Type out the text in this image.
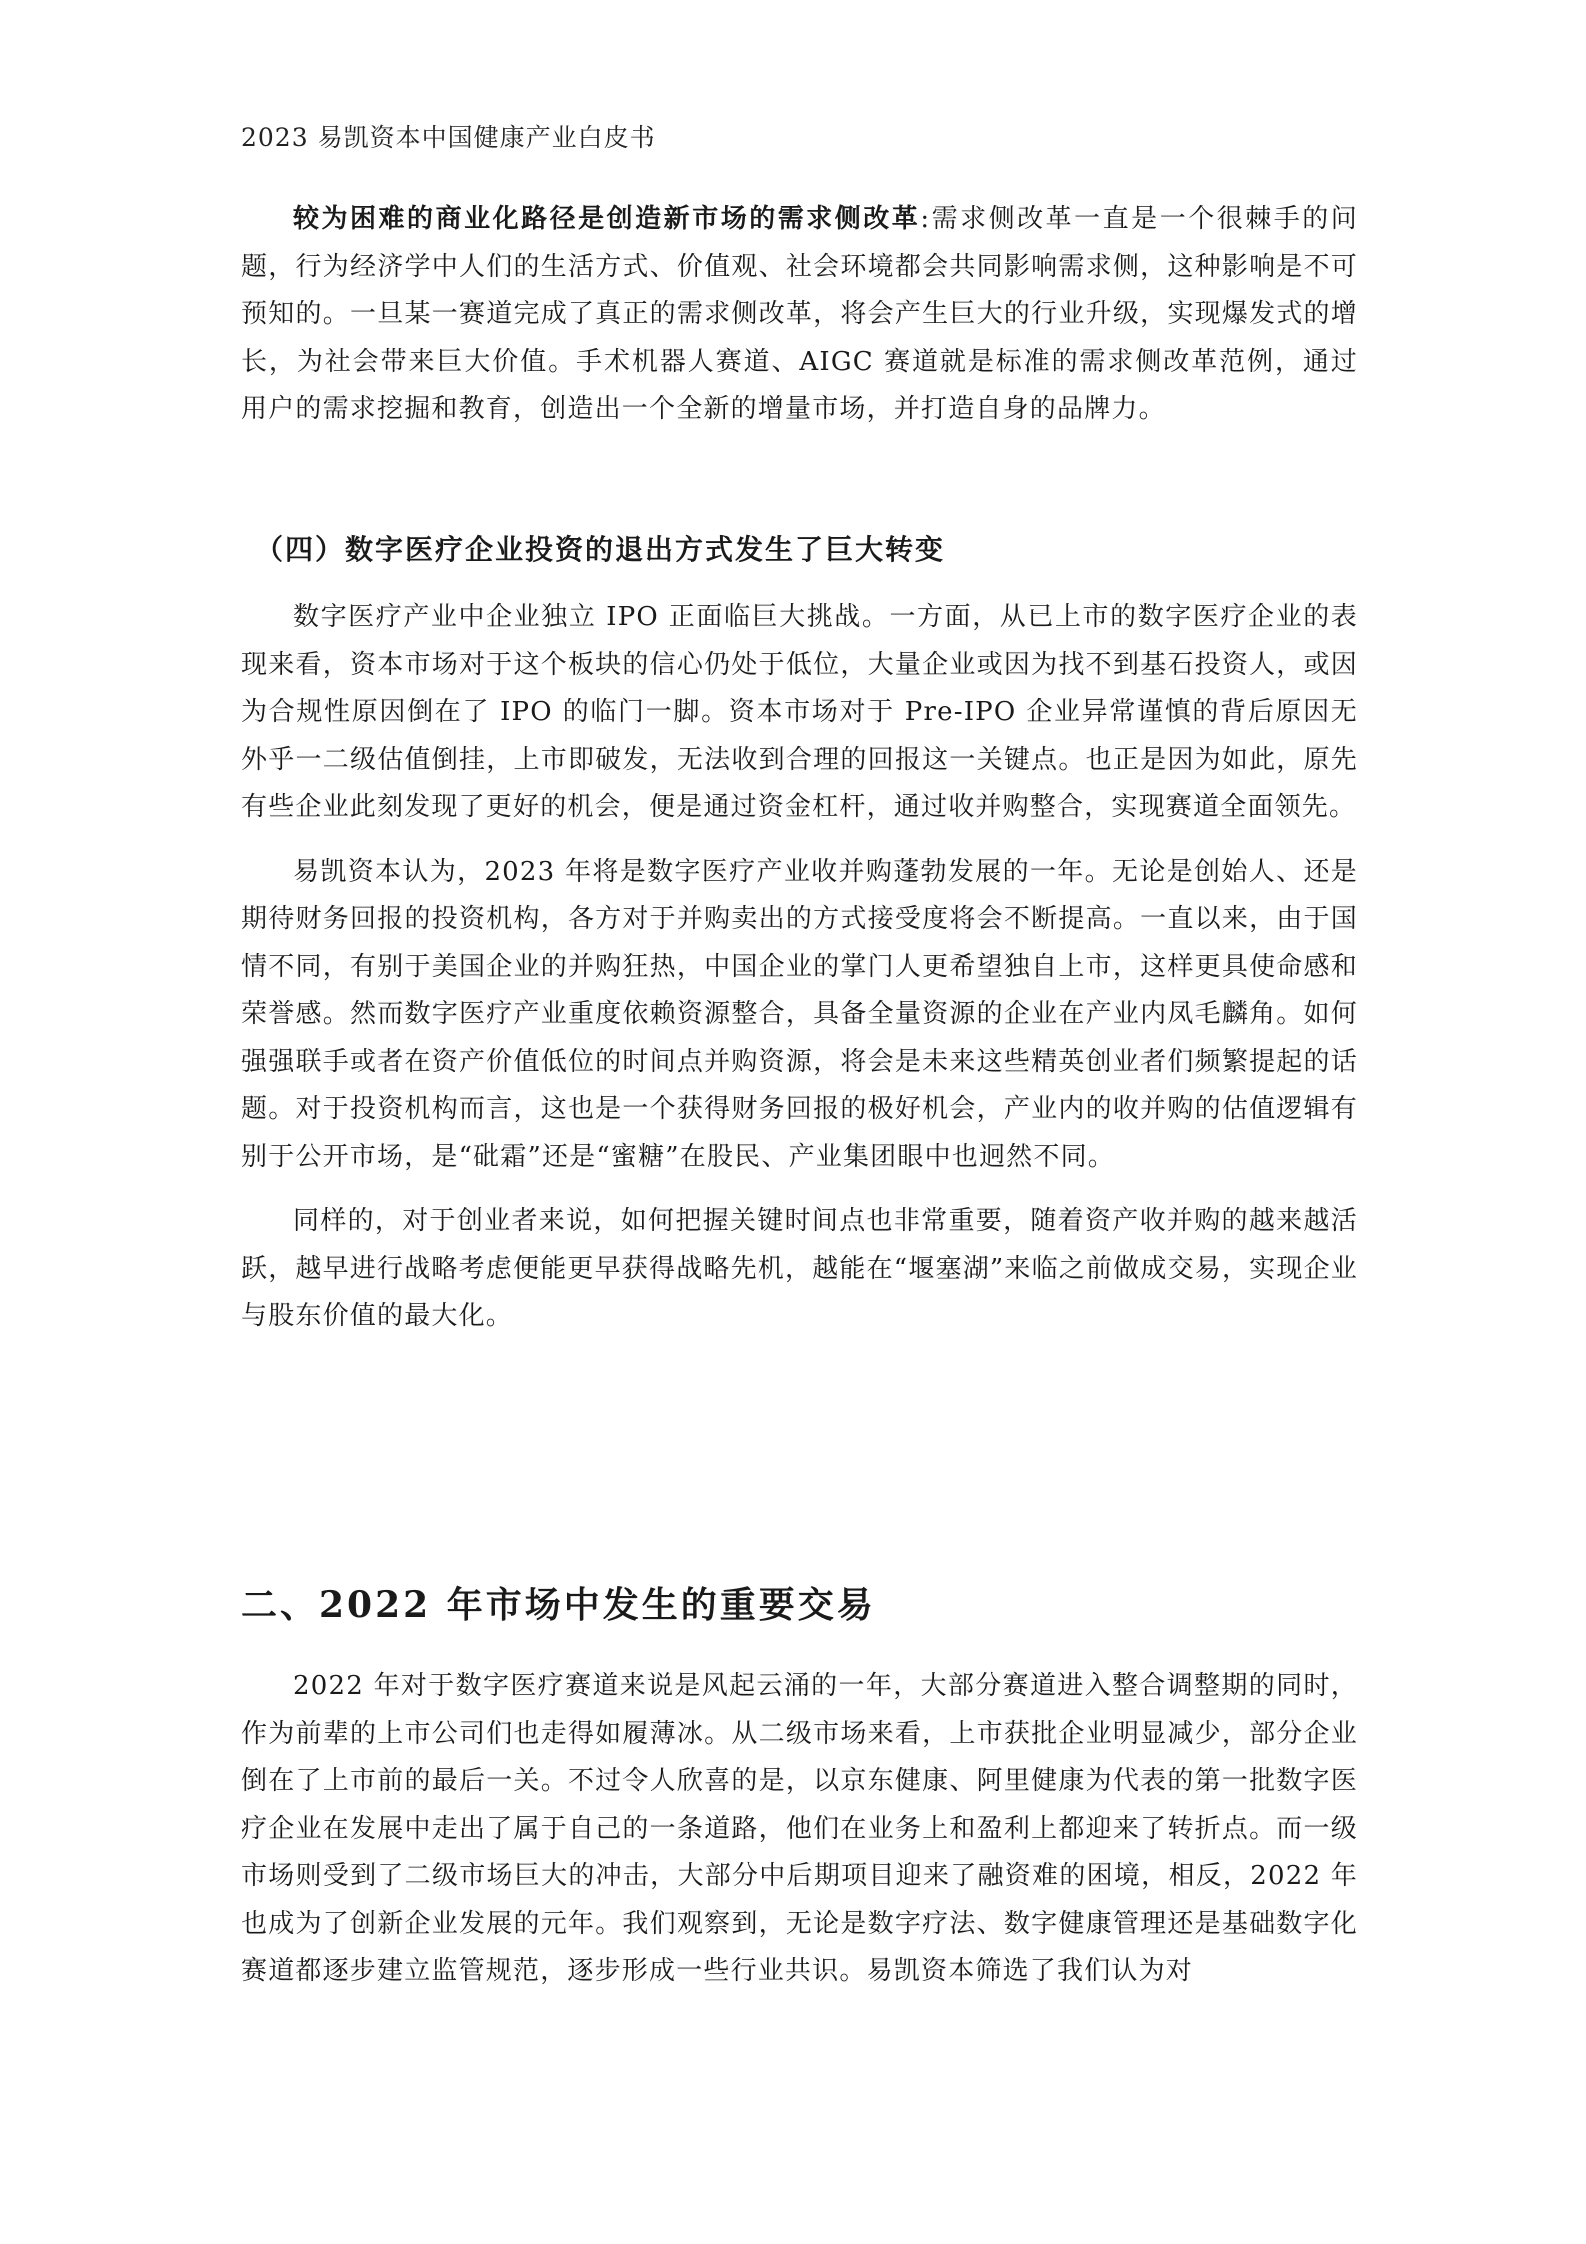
2023 易凯资本中国健康产业白皮书

较为困难的商业化路径是创造新市场的需求侧改革:需求侧改革一直是一个很棘手的问题，行为经济学中人们的生活方式、价值观、社会环境都会共同影响需求侧，这种影响是不可预知的。一旦某一赛道完成了真正的需求侧改革，将会产生巨大的行业升级，实现爆发式的增长，为社会带来巨大价值。手术机器人赛道、AIGC 赛道就是标准的需求侧改革范例，通过用户的需求挖掘和教育，创造出一个全新的增量市场，并打造自身的品牌力。

（四）数字医疗企业投资的退出方式发生了巨大转变

数字医疗产业中企业独立 IPO 正面临巨大挑战。一方面，从已上市的数字医疗企业的表现来看，资本市场对于这个板块的信心仍处于低位，大量企业或因为找不到基石投资人，或因为合规性原因倒在了 IPO 的临门一脚。资本市场对于 Pre-IPO 企业异常谨慎的背后原因无外乎一二级估值倒挂，上市即破发，无法收到合理的回报这一关键点。也正是因为如此，原先有些企业此刻发现了更好的机会，便是通过资金杠杆，通过收并购整合，实现赛道全面领先。

易凯资本认为，2023 年将是数字医疗产业收并购蓬勃发展的一年。无论是创始人、还是期待财务回报的投资机构，各方对于并购卖出的方式接受度将会不断提高。一直以来，由于国情不同，有别于美国企业的并购狂热，中国企业的掌门人更希望独自上市，这样更具使命感和荣誉感。然而数字医疗产业重度依赖资源整合，具备全量资源的企业在产业内凤毛麟角。如何强强联手或者在资产价值低位的时间点并购资源，将会是未来这些精英创业者们频繁提起的话题。对于投资机构而言，这也是一个获得财务回报的极好机会，产业内的收并购的估值逻辑有别于公开市场，是“砒霜”还是“蜜糖”在股民、产业集团眼中也迥然不同。

同样的，对于创业者来说，如何把握关键时间点也非常重要，随着资产收并购的越来越活跃，越早进行战略考虑便能更早获得战略先机，越能在“堰塞湖”来临之前做成交易，实现企业与股东价值的最大化。

二、2022 年市场中发生的重要交易

2022 年对于数字医疗赛道来说是风起云涌的一年，大部分赛道进入整合调整期的同时，作为前辈的上市公司们也走得如履薄冰。从二级市场来看，上市获批企业明显减少，部分企业倒在了上市前的最后一关。不过令人欣喜的是，以京东健康、阿里健康为代表的第一批数字医疗企业在发展中走出了属于自己的一条道路，他们在业务上和盈利上都迎来了转折点。而一级市场则受到了二级市场巨大的冲击，大部分中后期项目迎来了融资难的困境，相反，2022 年也成为了创新企业发展的元年。我们观察到，无论是数字疗法、数字健康管理还是基础数字化赛道都逐步建立监管规范，逐步形成一些行业共识。易凯资本筛选了我们认为对
